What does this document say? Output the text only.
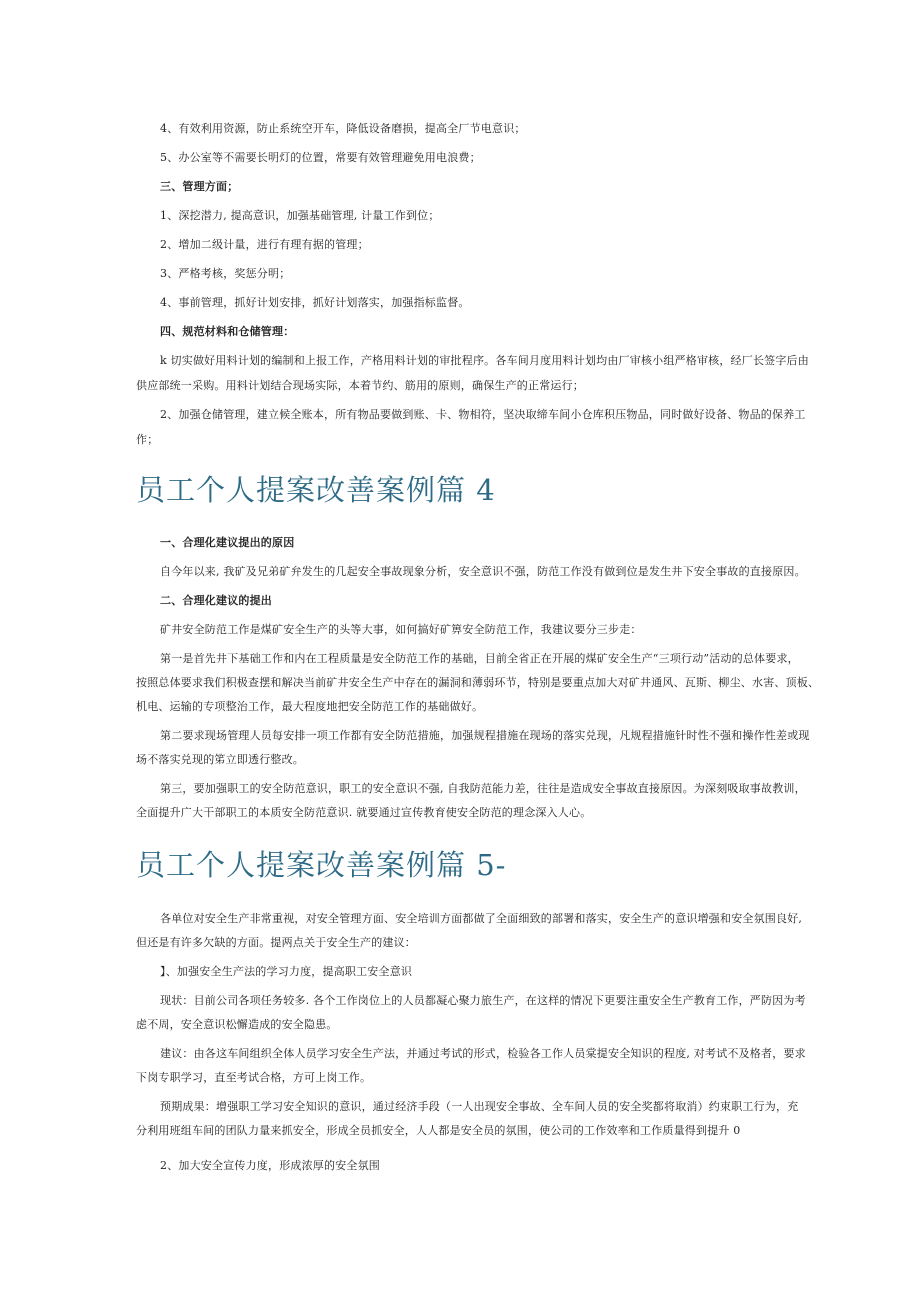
4、有效利用资源，防止系统空开车，降低设备磨损，提高全厂节电意识；
5、办公室等不需要长明灯的位置，常要有效管理避免用电浪费；
三、管理方面；
1、深挖潜力, 提高意识，加强基础管理, 计量工作到位；
2、增加二级计量，进行有理有据的管理；
3、严格考核，奖惩分明；
4、事前管理，抓好计划安排，抓好计划落实，加强指标监督。
四、规范材料和仓储管理：
k 切实做好用料计划的编制和上报工作，产格用料计划的审批程序。各车间月度用料计划均由厂审核小组严格审核，经厂长签字后由
供应部统一采购。用料计划结合现场实际，本着节约、筋用的原则，确保生产的正常运行；
2、加强仓储管理，建立候全账本，所有物品要做到账、卡、物相符，坚决取缔车间小仓库积压物品，同时做好设备、物品的保养工
作；
员工个人提案改善案例篇 4
一、合理化建议提出的原因
自今年以来, 我矿及兄弟矿弁发生的几起安全事故现象分析，安全意识不强，防范工作没有做到位是发生井下安全事故的直接原因。
二、合理化建议的提出
矿井安全防范工作是煤矿安全生产的头等大事，如何搞好矿箅安全防范工作，我建议要分三步走：
第一是首先井下基础工作和内在工程质量是安全防范工作的基础，目前全省正在开展的煤矿安全生产“三项行动”活动的总体要求，
按照总体要求我们积极查摆和解决当前矿井安全生产中存在的漏洞和薄弱环节，特别是要重点加大对矿井通风、瓦斯、柳尘、水害、顶板、
机电、运输的专项整治工作，最大程度地把安全防范工作的基础做好。
第二要求现场管理人员每安排一项工作都有安全防范措施，加强规程措施在现场的落实兑现，凡规程措施针时性不强和操作性差或现
场不落实兑现的笫立即透行整改。
第三，要加强职工的安全防范意识，职工的安全意识不强, 自我防范能力差，往往是造成安全事故直接原因。为深刻吸取事故教训，
全面提升广大干部职工的本质安全防范意识. 就要通过宣传教育使安全防范的理念深入人心。
员工个人提案改善案例篇 5-
各单位对安全生产非常重视，对安全管理方面、安全培训方面都做了全面细致的部署和落实，安全生产的意识增强和安全氛围良好,
但还是有许多欠缺的方面。提两点关于安全生产的建议：
】、加强安全生产法的学习力度，提高职工安全意识
现状：目前公司各项任务较多. 各个工作岗位上的人员都凝心聚力旅生产，在这样的情况下更要注重安全生产教育工作，严防因为考
虑不周，安全意识松懈造成的安全隐患。
建议：由各这车间组织全体人员学习安全生产法，并通过考试的形式，检验各工作人员棠提安全知识的程度, 对考试不及格者，要求
下岗专职学习，直至考试合格，方可上岗工作。
预期成果：增强职工学习安全知识的意识，通过经济手段（一人出现安全事故、全车间人员的安全奖都将取消）约束职工行为，充
分利用班组车间的团队力量来抓安全，形成全员抓安全，人人都是安全员的氛围，使公司的工作效率和工作质量得到提升 0
2、加大安全宣传力度，形成浓厚的安全氛围
